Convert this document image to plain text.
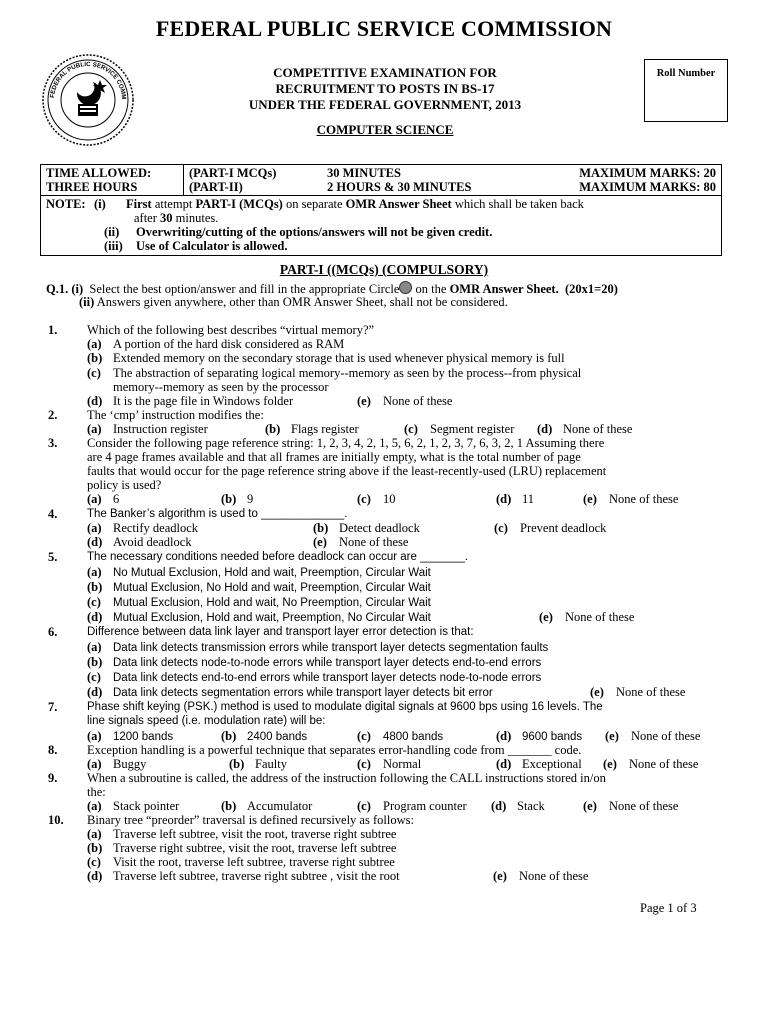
FEDERAL PUBLIC SERVICE COMMISSION
FEDERAL PUBLIC SERVICE COMM
COMPETITIVE EXAMINATION FOR
RECRUITMENT TO POSTS IN BS-17
UNDER THE FEDERAL GOVERNMENT, 2013
COMPUTER SCIENCE
Roll Number
TIME ALLOWED:
THREE HOURS

(PART-I MCQs)	30 MINUTES	MAXIMUM MARKS: 20
(PART-II)	2 HOURS & 30 MINUTES	MAXIMUM MARKS: 80

NOTE: (i)	First attempt PART-I (MCQs) on separate OMR Answer Sheet which shall be taken back
after 30 minutes.
(ii)	Overwriting/cutting of the options/answers will not be given credit.
(iii)	Use of Calculator is allowed.
PART-I ((MCQs) (COMPULSORY)
Q.1. (i) Select the best option/answer and fill in the appropriate Circle on the OMR Answer Sheet. (20x1=20)
(ii) Answers given anywhere, other than OMR Answer Sheet, shall not be considered.
1. Which of the following best describes “virtual memory?”
(a) A portion of the hard disk considered as RAM
(b) Extended memory on the secondary storage that is used whenever physical memory is full
(c) The abstraction of separating logical memory--memory as seen by the process--from physical
memory--memory as seen by the processor
(d) It is the page file in Windows folder	(e) None of these
2. The ‘cmp’ instruction modifies the:
(a) Instruction register	(b) Flags register	(c) Segment register (d) None of these
3. Consider the following page reference string: 1, 2, 3, 4, 2, 1, 5, 6, 2, 1, 2, 3, 7, 6, 3, 2, 1 Assuming there
are 4 page frames available and that all frames are initially empty, what is the total number of page
faults that would occur for the page reference string above if the least-recently-used (LRU) replacement
policy is used?
(a) 6	(b) 9	(c) 10	(d) 11	(e) None of these
4.	The Banker’s algorithm is used to _____________.
(a) Rectify deadlock	(b) Detect deadlock	(c) Prevent deadlock
(d) Avoid deadlock	(e) None of these
5.	The necessary conditions needed before deadlock can occur are _______.
(a) No Mutual Exclusion, Hold and wait, Preemption, Circular Wait
(b) Mutual Exclusion, No Hold and wait, Preemption, Circular Wait
(c) Mutual Exclusion, Hold and wait, No Preemption, Circular Wait
(d) Mutual Exclusion, Hold and wait, Preemption, No Circular Wait	(e) None of these
6.	Difference between data link layer and transport layer error detection is that:
(a) Data link detects transmission errors while transport layer detects segmentation faults
(b) Data link detects node-to-node errors while transport layer detects end-to-end errors
(c) Data link detects end-to-end errors while transport layer detects node-to-node errors
(d) Data link detects segmentation errors while transport layer detects bit error	(e) None of these
7.	Phase shift keying (PSK.) method is used to modulate digital signals at 9600 bps using 16 levels. The
line signals speed (i.e. modulation rate) will be:
(a) 1200 bands	(b) 2400 bands	(c) 4800 bands	(d) 9600 bands (e) None of these
8. Exception handling is a powerful technique that separates error-handling code from _______ code.
(a) Buggy	(b) Faulty	(c) Normal	(d) Exceptional (e) None of these
9. When a subroutine is called, the address of the instruction following the CALL instructions stored in/on
the:
(a) Stack pointer	(b) Accumulator	(c) Program counter (d) Stack	(e) None of these
10. Binary tree “preorder” traversal is defined recursively as follows:
(a) Traverse left subtree, visit the root, traverse right subtree
(b) Traverse right subtree, visit the root, traverse left subtree
(c) Visit the root, traverse left subtree, traverse right subtree
(d) Traverse left subtree, traverse right subtree , visit the root	(e) None of these
Page 1 of 3
